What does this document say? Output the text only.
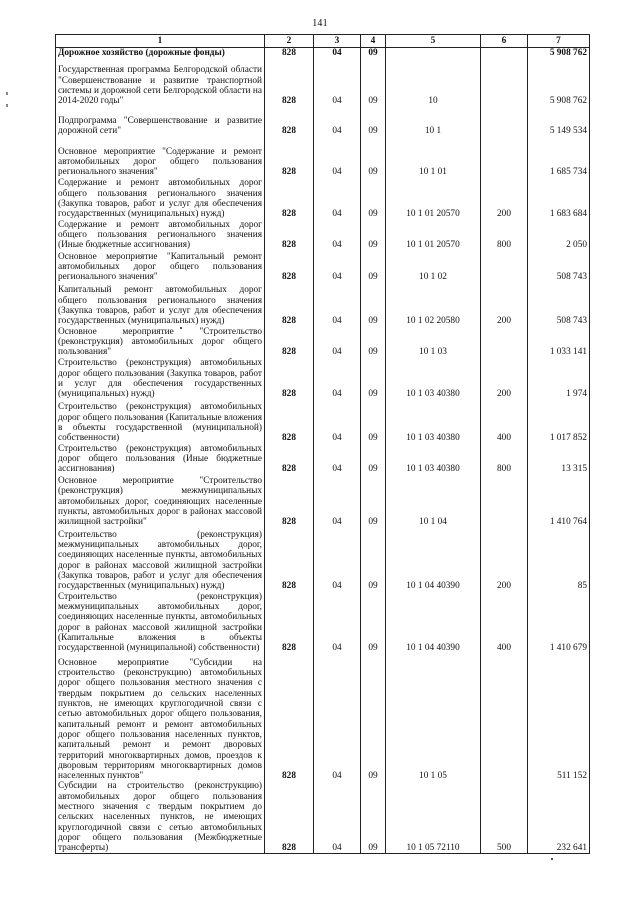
141
1	2	3	4	5	6	7
Дорожное хозяйство (дорожные фонды)	828	04	09			5 908 762
Государственная программа Белгородской области "Совершенствование и развитие транспортной системы и дорожной сети Белгородской области на 2014-2020 годы"	828	04	09	10		5 908 762
Подпрограмма "Совершенствование и развитие дорожной сети"	828	04	09	10 1		5 149 534
Основное мероприятие "Содержание и ремонт автомобильных дорог общего пользования регионального значения"	828	04	09	10 1 01		1 685 734
Содержание и ремонт автомобильных дорог общего пользования регионального значения (Закупка товаров, работ и услуг для обеспечения государственных (муниципальных) нужд)	828	04	09	10 1 01 20570	200	1 683 684
Содержание и ремонт автомобильных дорог общего пользования регионального значения (Иные бюджетные ассигнования)	828	04	09	10 1 01 20570	800	2 050
Основное мероприятие "Капитальный ремонт автомобильных дорог общего пользования регионального значения"	828	04	09	10 1 02		508 743
Капитальный ремонт автомобильных дорог общего пользования регионального значения (Закупка товаров, работ и услуг для обеспечения государственных (муниципальных) нужд)	828	04	09	10 1 02 20580	200	508 743
Основное мероприятие "Строительство (реконструкция) автомобильных дорог общего пользования"	828	04	09	10 1 03		1 033 141
Строительство (реконструкция) автомобильных дорог общего пользования (Закупка товаров, работ и услуг для обеспечения государственных (муниципальных) нужд)	828	04	09	10 1 03 40380	200	1 974
Строительство (реконструкция) автомобильных дорог общего пользования (Капитальные вложения в объекты государственной (муниципальной) собственности)	828	04	09	10 1 03 40380	400	1 017 852
Строительство (реконструкция) автомобильных дорог общего пользования (Иные бюджетные ассигнования)	828	04	09	10 1 03 40380	800	13 315
Основное мероприятие "Строительство (реконструкция) межмуниципальных автомобильных дорог, соединяющих населенные пункты, автомобильных дорог в районах массовой жилищной застройки"	828	04	09	10 1 04		1 410 764
Строительство (реконструкция) межмуниципальных автомобильных дорог, соединяющих населенные пункты, автомобильных дорог в районах массовой жилищной застройки (Закупка товаров, работ и услуг для обеспечения государственных (муниципальных) нужд)	828	04	09	10 1 04 40390	200	85
Строительство (реконструкция) межмуниципальных автомобильных дорог, соединяющих населенные пункты, автомобильных дорог в районах массовой жилищной застройки (Капитальные вложения в объекты государственной (муниципальной) собственности)	828	04	09	10 1 04 40390	400	1 410 679
Основное мероприятие "Субсидии на строительство (реконструкцию) автомобильных дорог общего пользования местного значения с твердым покрытием до сельских населенных пунктов, не имеющих круглогодичной связи с сетью автомобильных дорог общего пользования, капитальный ремонт и ремонт автомобильных дорог общего пользования населенных пунктов, капитальный ремонт и ремонт дворовых территорий многоквартирных домов, проездов к дворовым территориям многоквартирных домов населенных пунктов"	828	04	09	10 1 05		511 152
Субсидии на строительство (реконструкцию) автомобильных дорог общего пользования местного значения с твердым покрытием до сельских населенных пунктов, не имеющих круглогодичной связи с сетью автомобильных дорог общего пользования (Межбюджетные трансферты)	828	04	09	10 1 05 72110	500	232 641
